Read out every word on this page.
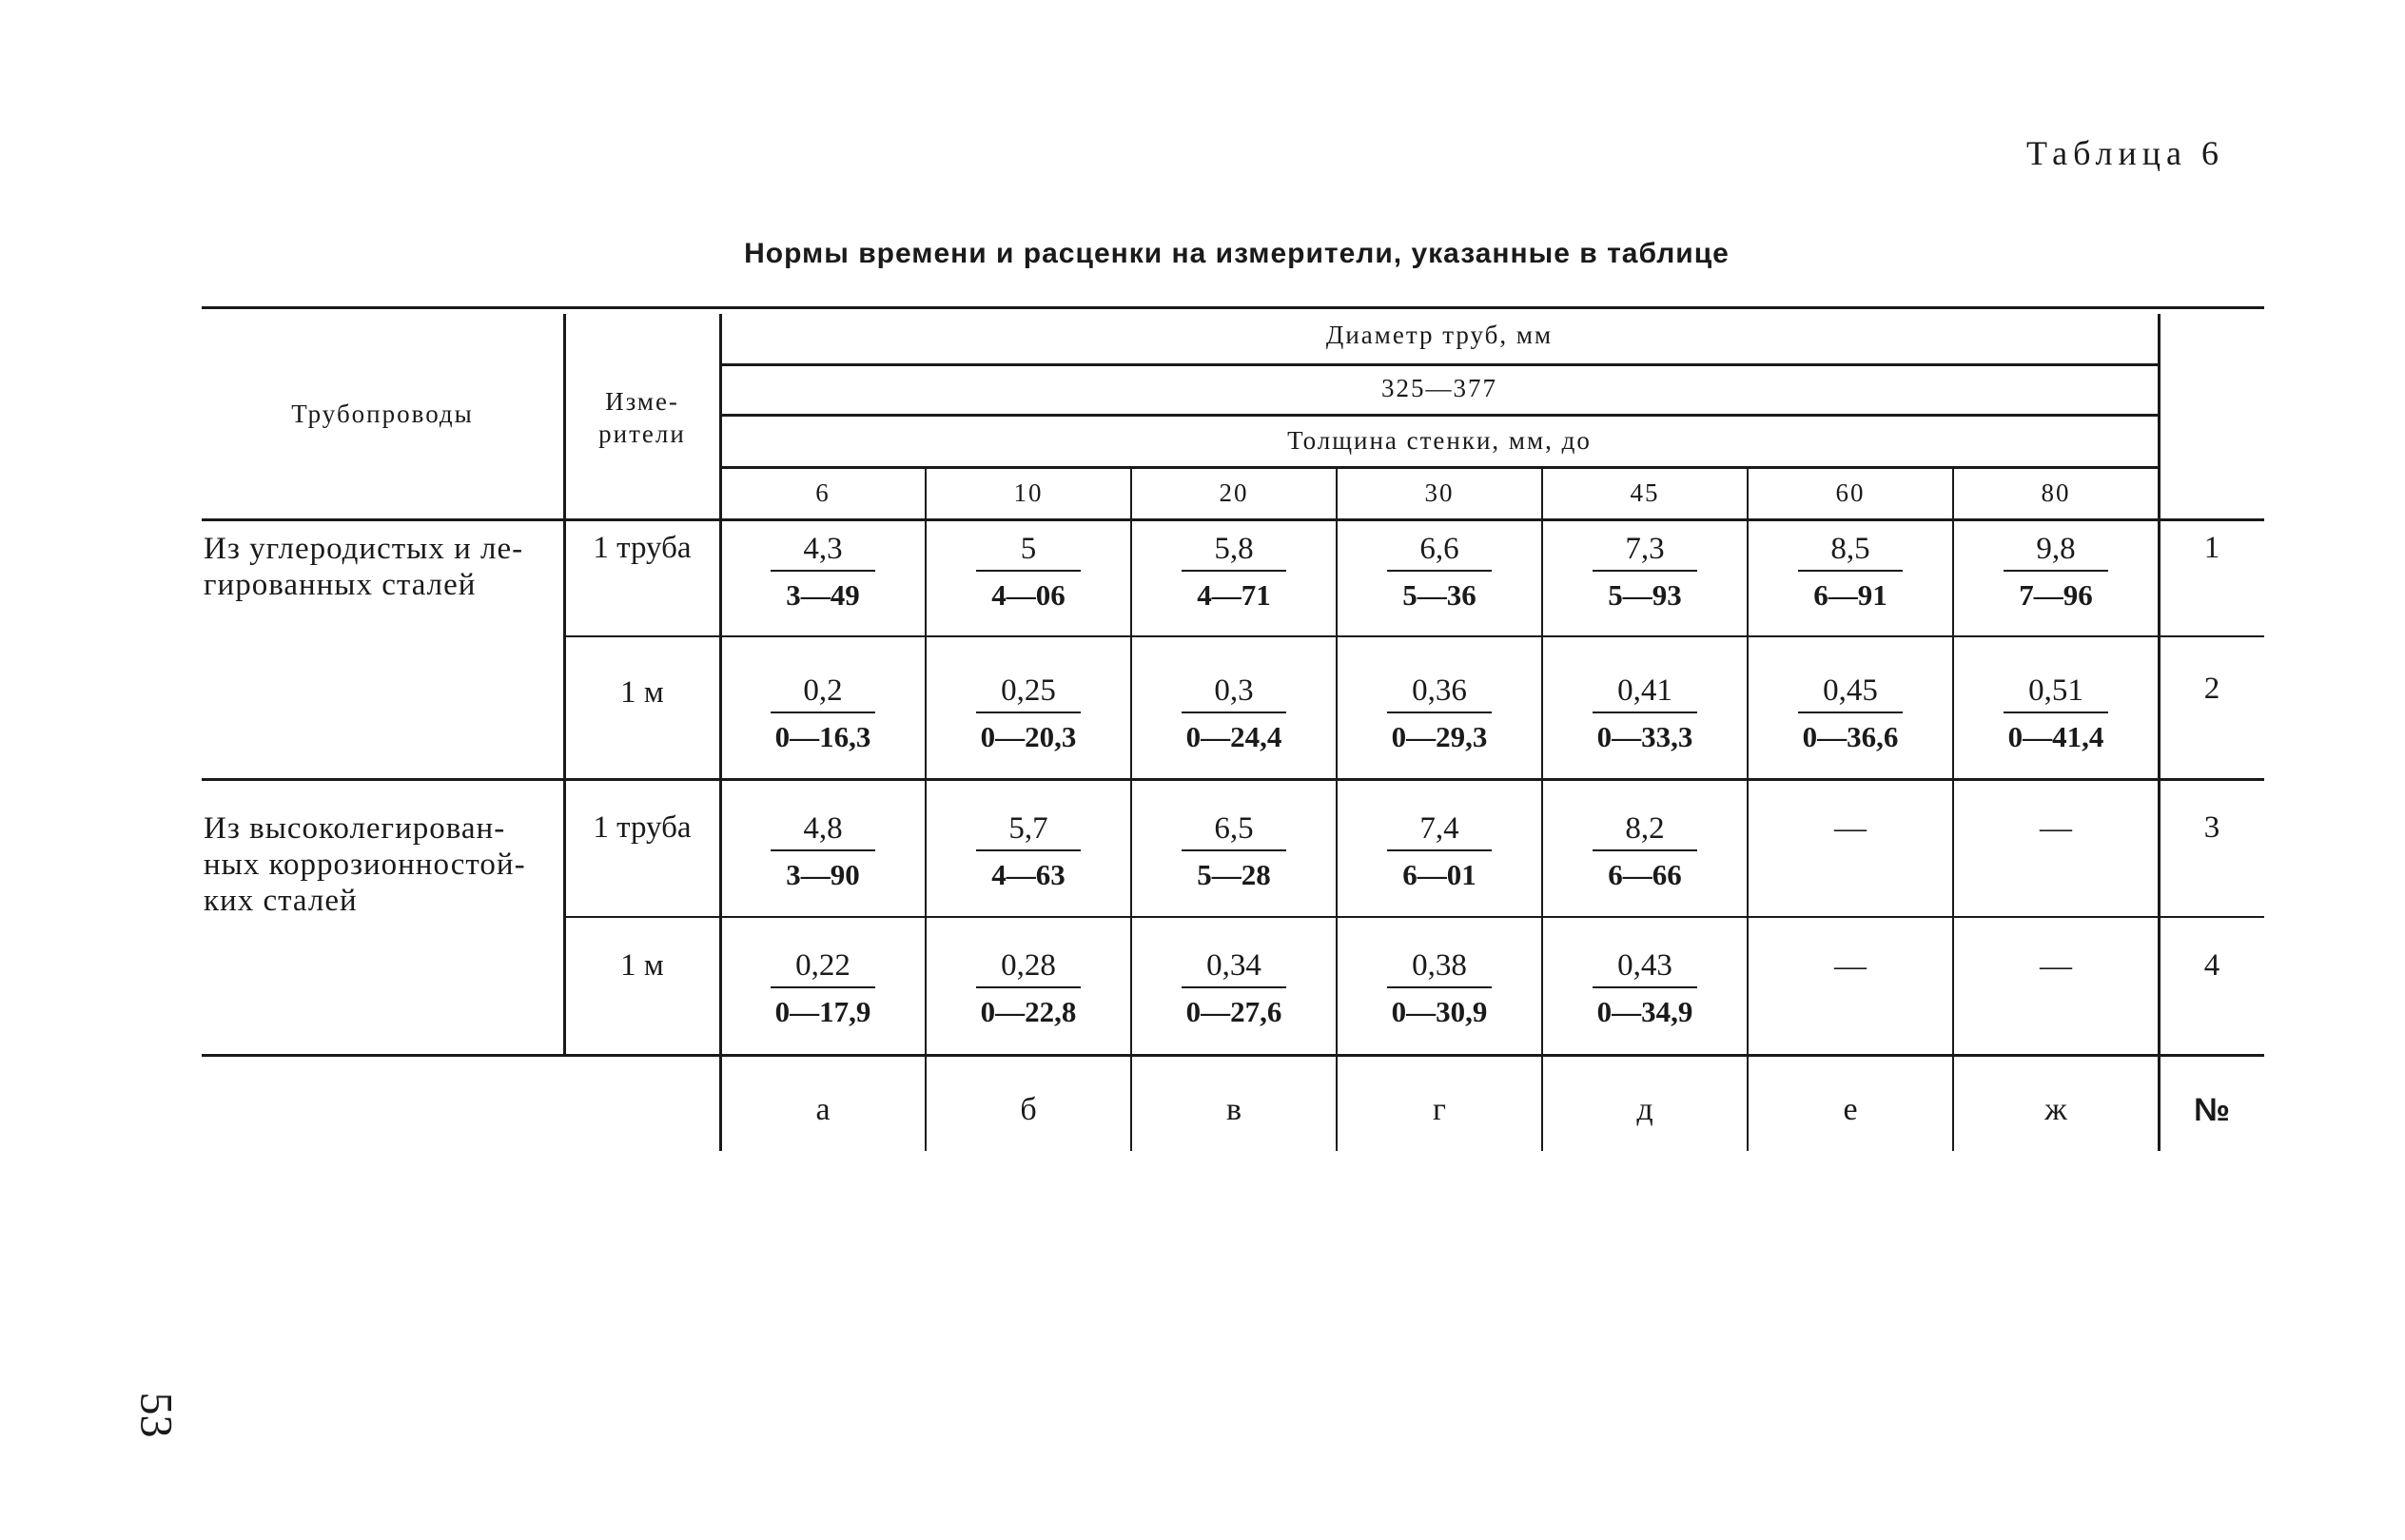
Таблица 6
Нормы времени и расценки на измерители, указанные в таблице
Трубопроводы	Изме-
рители
Диаметр труб, мм
325—377
Толщина стенки, мм, до
6	10	20	30	45	60	80
Из углеродистых и ле-
гированных сталей
1 труба	$\frac{4,3}{3—49}$	$\frac{5}{4—06}$	$\frac{5,8}{4—71}$	$\frac{6,6}{5—36}$	$\frac{7,3}{5—93}$	$\frac{8,5}{6—91}$	$\frac{9,8}{7—96}$	1
1 м	$\frac{0,2}{0—16,3}$	$\frac{0,25}{0—20,3}$	$\frac{0,3}{0—24,4}$	$\frac{0,36}{0—29,3}$	$\frac{0,41}{0—33,3}$	$\frac{0,45}{0—36,6}$	$\frac{0,51}{0—41,4}$	2
Из высоколегирован-
ных коррозионностой-
ких сталей
1 труба	$\frac{4,8}{3—90}$	$\frac{5,7}{4—63}$	$\frac{6,5}{5—28}$	$\frac{7,4}{6—01}$	$\frac{8,2}{6—66}$	—	—	3
1 м	$\frac{0,22}{0—17,9}$	$\frac{0,28}{0—22,8}$	$\frac{0,34}{0—27,6}$	$\frac{0,38}{0—30,9}$	$\frac{0,43}{0—34,9}$	—	—	4
а	б	в	г	д	е	ж	№
53
